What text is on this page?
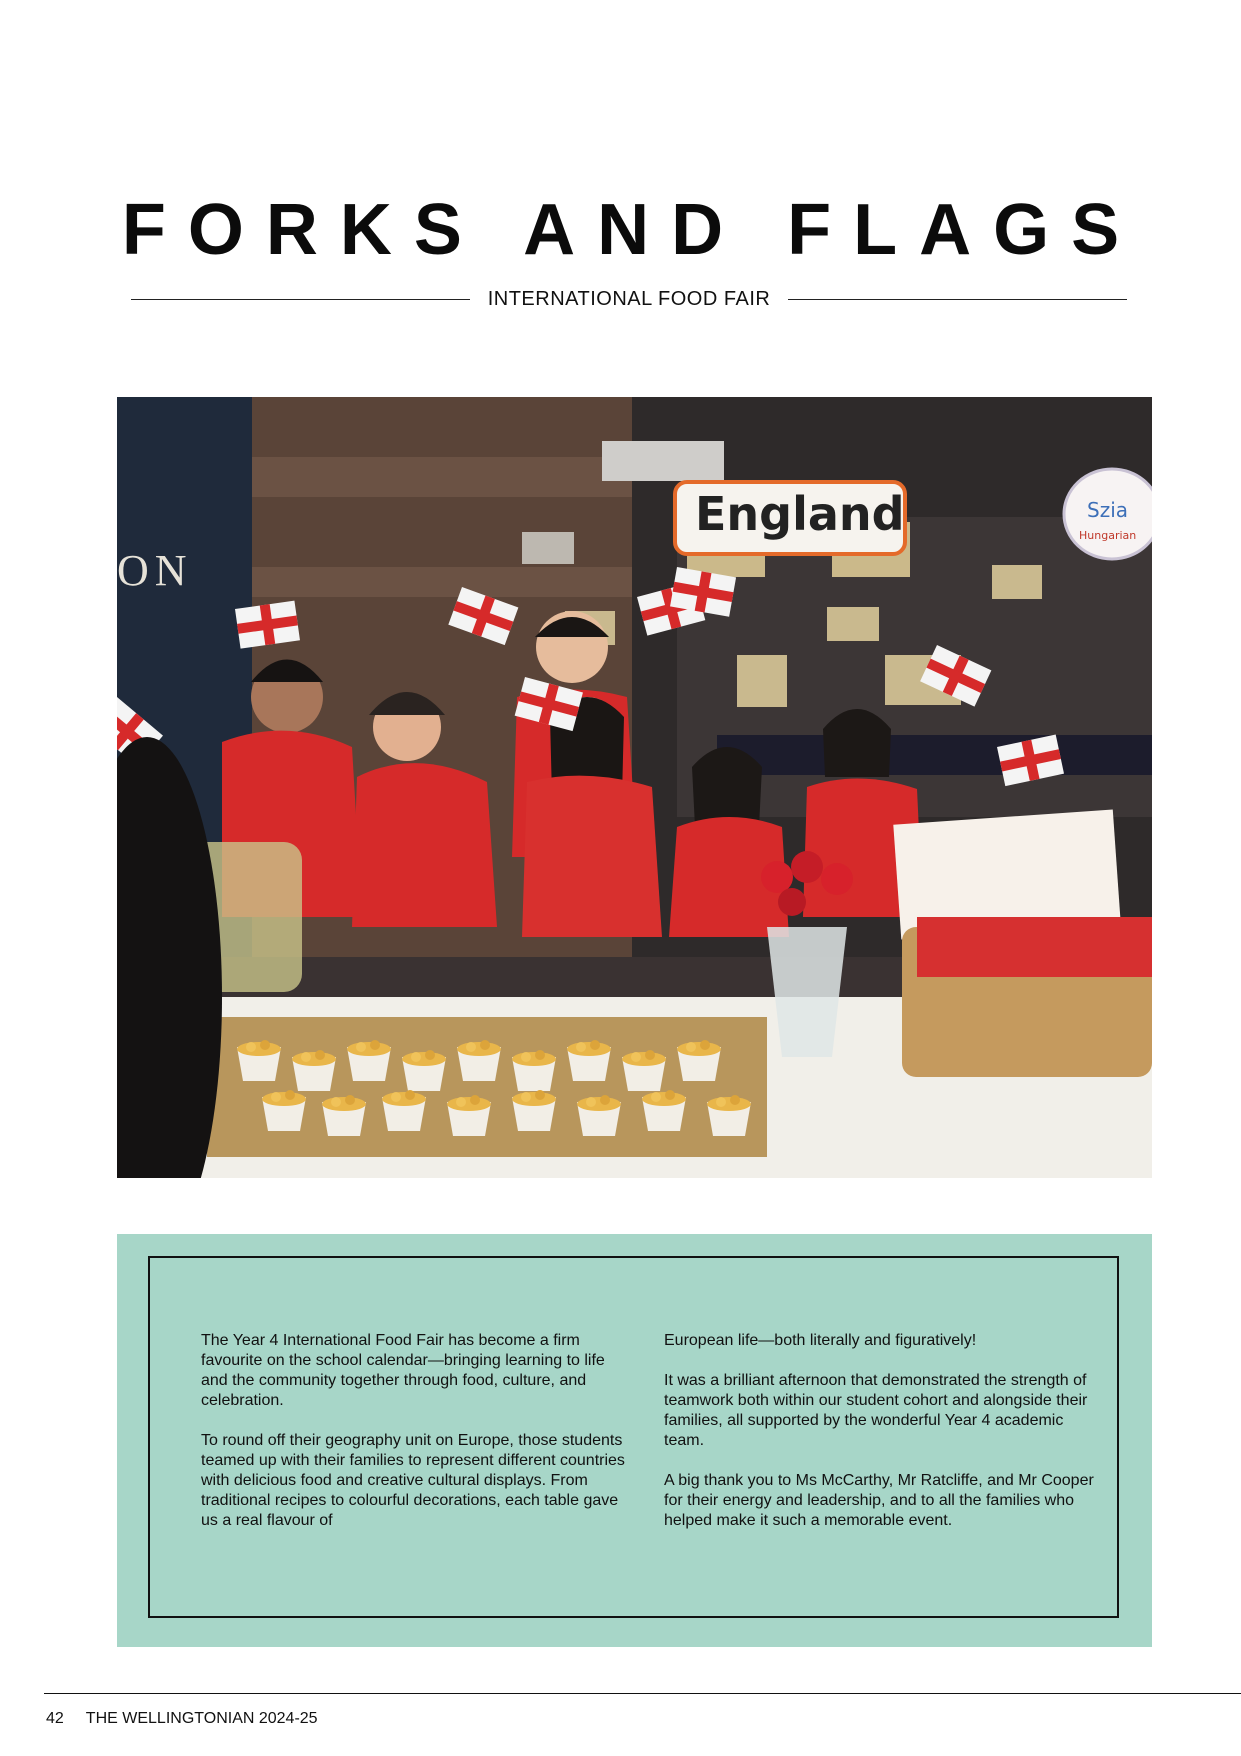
FORKS AND FLAGS
INTERNATIONAL FOOD FAIR
ON
England	Szia
Hungarian

The Year 4 International Food Fair has become a firm favourite on the school calendar—bringing learning to life and the community together through food, culture, and celebration.

To round off their geography unit on Europe, those students teamed up with their families to represent different countries with delicious food and creative cultural displays. From traditional recipes to colourful decorations, each table gave us a real flavour of

European life—both literally and figuratively!

It was a brilliant afternoon that demonstrated the strength of teamwork both within our student cohort and alongside their families, all supported by the wonderful Year 4 academic team.

A big thank you to Ms McCarthy, Mr Ratcliffe, and Mr Cooper for their energy and leadership, and to all the families who helped make it such a memorable event.

42 THE WELLINGTONIAN 2024-25
